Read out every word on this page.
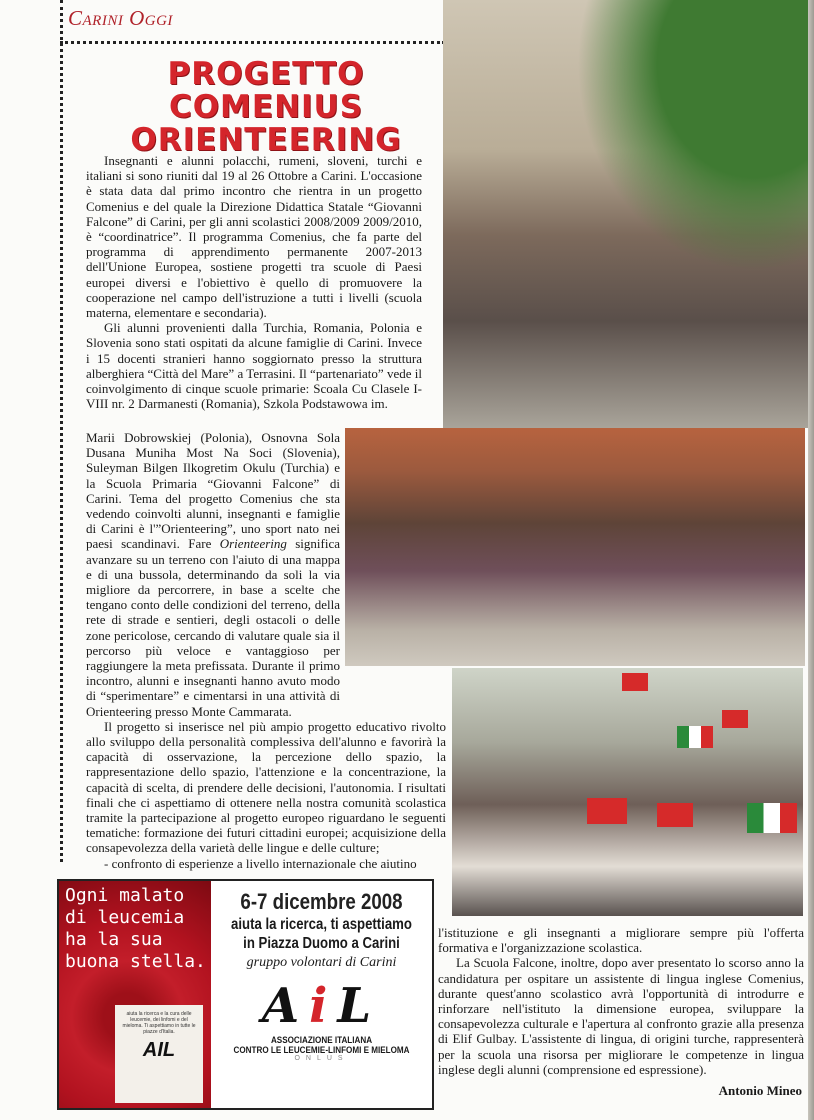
Carini Oggi
PROGETTO COMENIUS
ORIENTEERING

Insegnanti e alunni polacchi, rumeni, sloveni, turchi e italiani si sono riuniti dal 19 al 26 Ottobre a Carini. L'occasione è stata data dal primo incontro che rientra in un progetto Comenius e del quale la Direzione Didattica Statale “Giovanni Falcone” di Carini, per gli anni scolastici 2008/2009 2009/2010, è “coordinatrice”. Il programma Comenius, che fa parte del programma di apprendimento permanente 2007-2013 dell'Unione Europea, sostiene progetti tra scuole di Paesi europei diversi e l'obiettivo è quello di promuovere la cooperazione nel campo dell'istruzione a tutti i livelli (scuola materna, elementare e secondaria).

Gli alunni provenienti dalla Turchia, Romania, Polonia e Slovenia sono stati ospitati da alcune famiglie di Carini. Invece i 15 docenti stranieri hanno soggiornato presso la struttura alberghiera “Città del Mare” a Terrasini. Il “partenariato” vede il coinvolgimento di cinque scuole primarie: Scoala Cu Clasele I-VIII nr. 2 Darmanesti (Romania), Szkola Podstawowa im.

Marii Dobrowskiej (Polonia), Osnovna Sola Dusana Muniha Most Na Soci (Slovenia), Suleyman Bilgen Ilkogretim Okulu (Turchia) e la Scuola Primaria “Giovanni Falcone” di Carini. Tema del progetto Comenius che sta vedendo coinvolti alunni, insegnanti e famiglie di Carini è l'”Orienteering”, uno sport nato nei paesi scandinavi. Fare Orienteering significa avanzare su un terreno con l'aiuto di una mappa e di una bussola, determinando da soli la via migliore da percorrere, in base a scelte che tengano conto delle condizioni del terreno, della rete di strade e sentieri, degli ostacoli o delle zone pericolose, cercando di valutare quale sia il percorso più veloce e vantaggioso per raggiungere la meta prefissata. Durante il primo incontro, alunni e insegnanti hanno avuto modo di “sperimentare” e cimentarsi in una attività di Orienteering presso Monte Cammarata.

Il progetto si inserisce nel più ampio progetto educativo rivolto allo sviluppo della personalità complessiva dell'alunno e favorirà la capacità di osservazione, la percezione dello spazio, la rappresentazione dello spazio, l'attenzione e la concentrazione, la capacità di scelta, di prendere delle decisioni, l'autonomia. I risultati finali che ci aspettiamo di ottenere nella nostra comunità scolastica tramite la partecipazione al progetto europeo riguardano le seguenti tematiche: formazione dei futuri cittadini europei; acquisizione della consapevolezza della varietà delle lingue e delle culture;

- confronto di esperienze a livello internazionale che aiutino

Ogni malato di leucemia ha la sua buona stella.
aiuta la ricerca e la cura delle leucemie, dei linfomi e del mieloma. Ti aspettiamo in tutte le piazze d'Italia.
AIL
6-7 dicembre 2008
aiuta la ricerca, ti aspettiamo
in Piazza Duomo a Carini
gruppo volontari di Carini
AiL
ASSOCIAZIONE ITALIANA
CONTRO LE LEUCEMIE-LINFOMI E MIELOMA
ONLUS

l'istituzione e gli insegnanti a migliorare sempre più l'offerta formativa e l'organizzazione scolastica.

La Scuola Falcone, inoltre, dopo aver presentato lo scorso anno la candidatura per ospitare un assistente di lingua inglese Comenius, durante quest'anno scolastico avrà l'opportunità di introdurre e rinforzare nell'istituto la dimensione europea, sviluppare la consapevolezza culturale e l'apertura al confronto grazie alla presenza di Elif Gulbay. L'assistente di lingua, di origini turche, rappresenterà per la scuola una risorsa per migliorare le competenze in lingua inglese degli alunni (comprensione ed espressione).

Antonio Mineo
